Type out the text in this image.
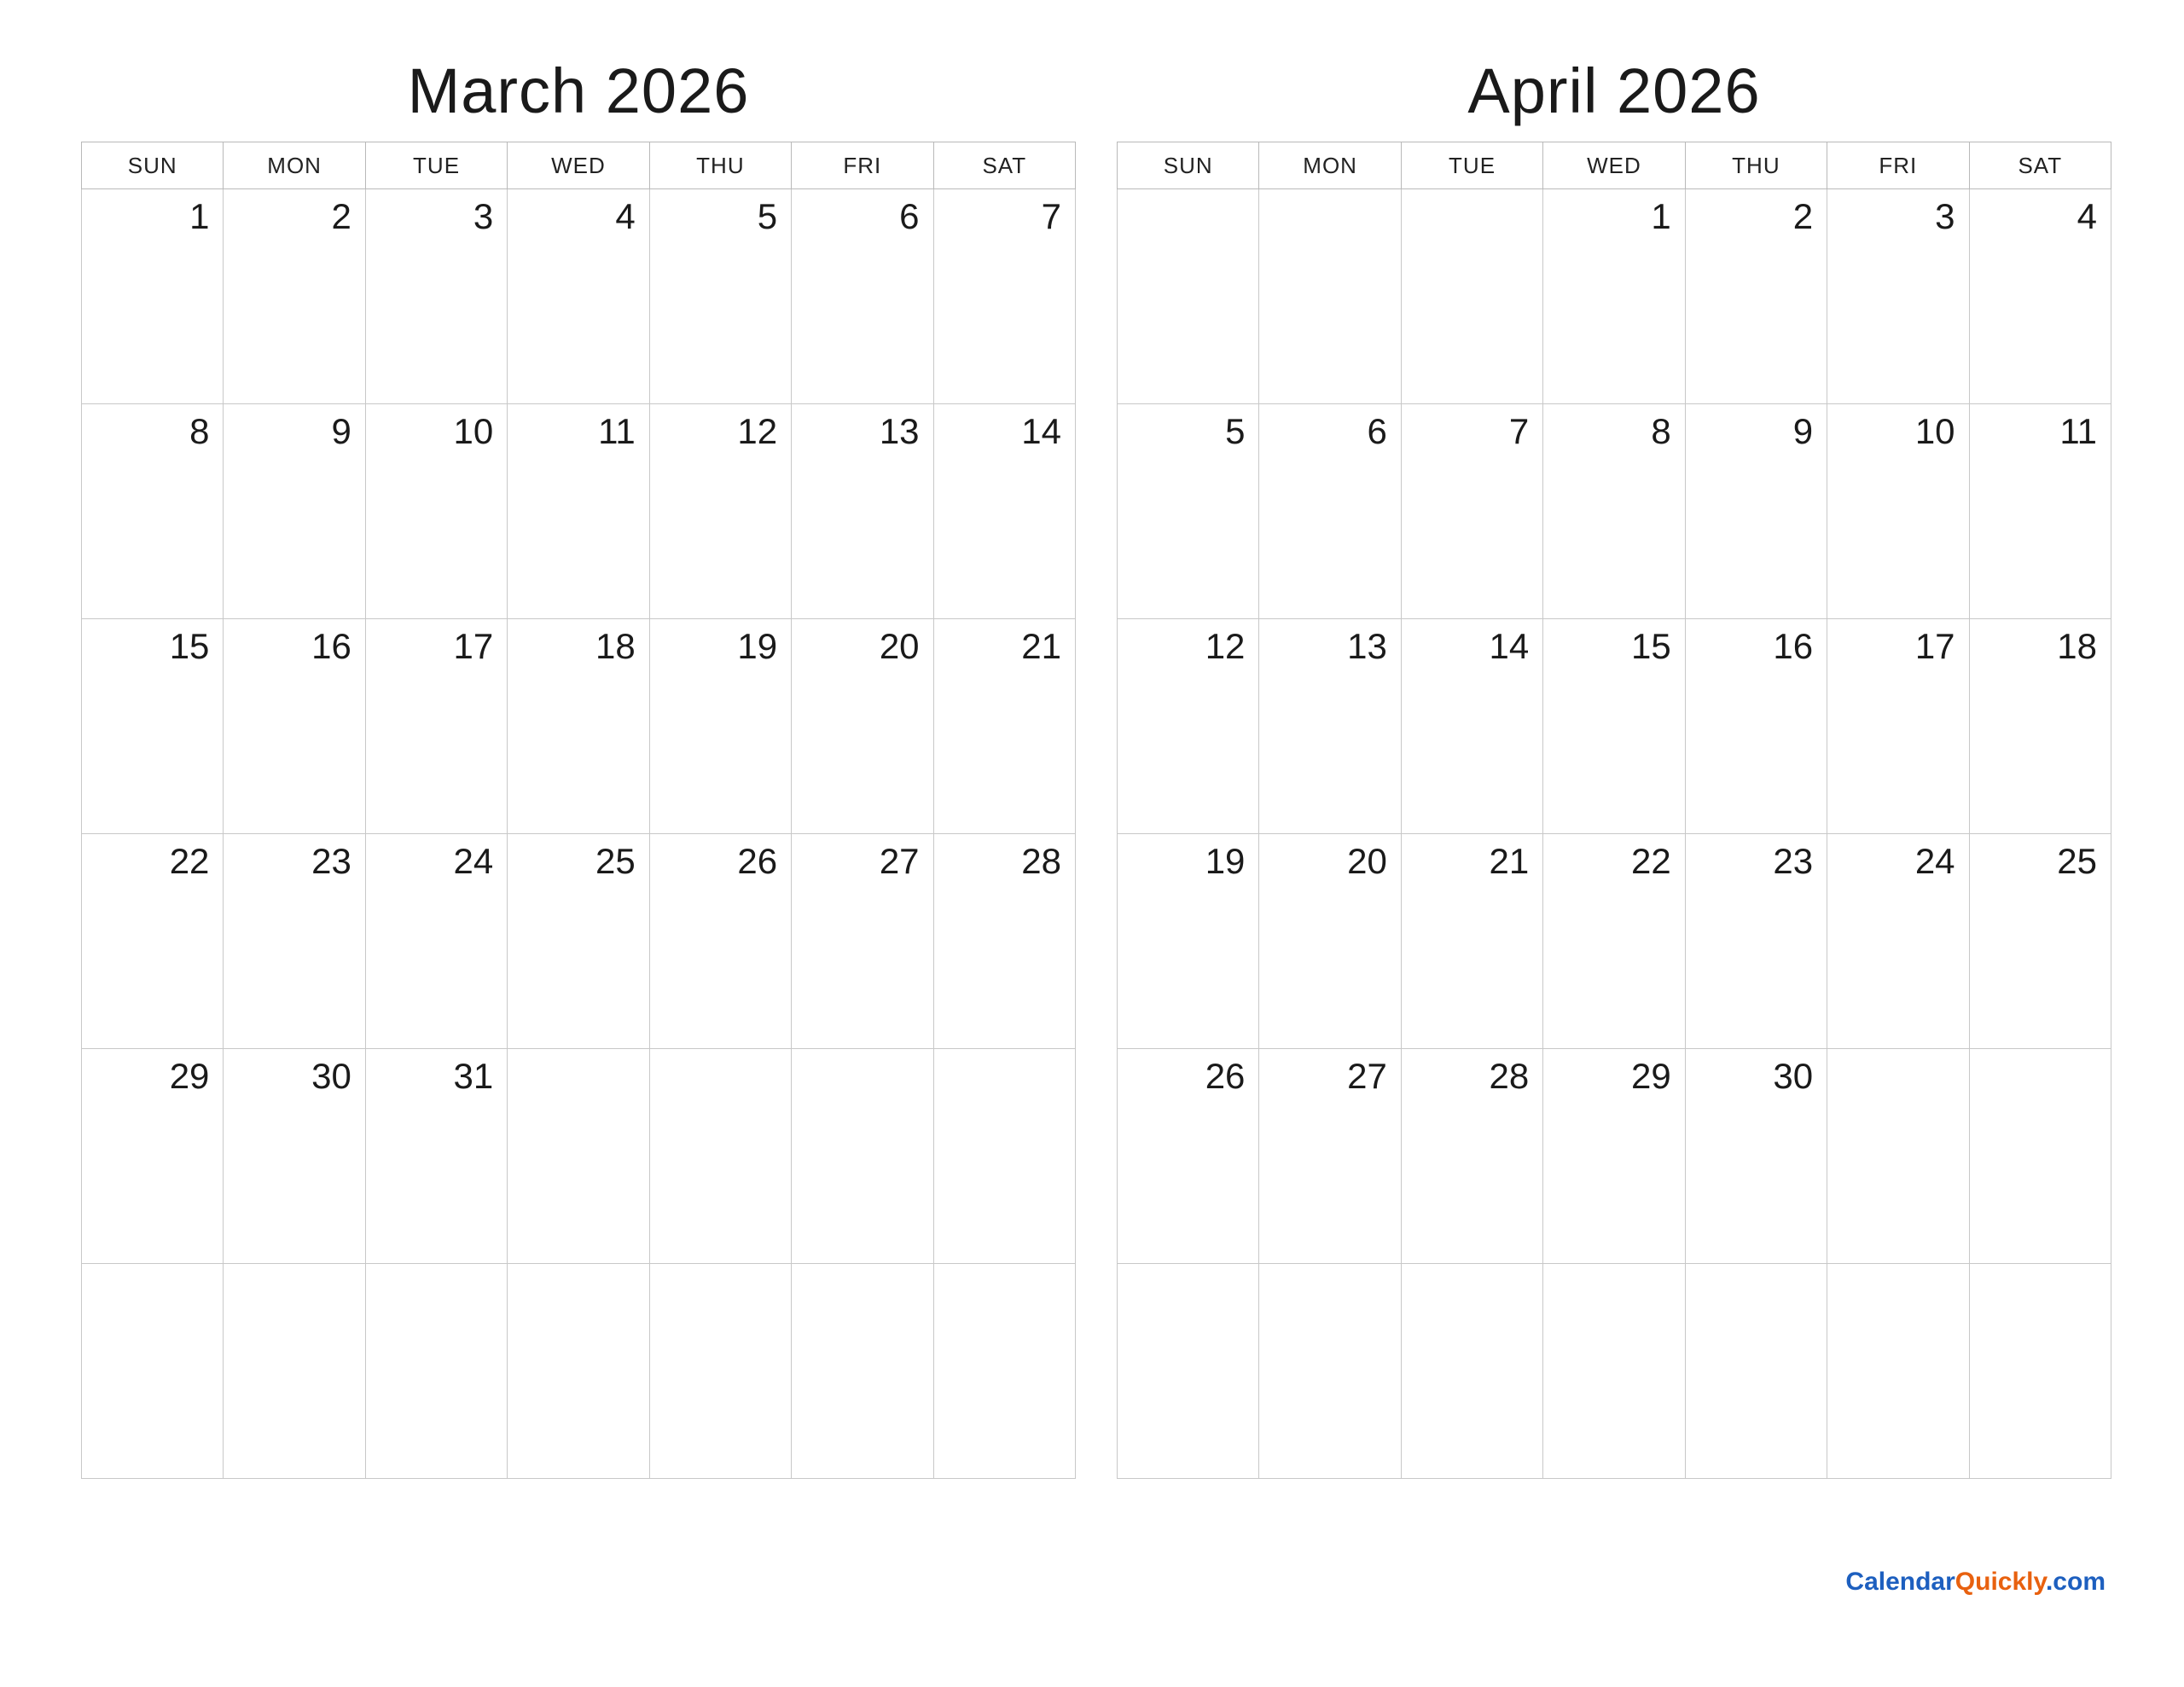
March 2026
SUN	MON	TUE	WED	THU	FRI	SAT
1	2	3	4	5	6	7
8	9	10	11	12	13	14
15	16	17	18	19	20	21
22	23	24	25	26	27	28
29	30	31				

April 2026
SUN	MON	TUE	WED	THU	FRI	SAT
			1	2	3	4
5	6	7	8	9	10	11
12	13	14	15	16	17	18
19	20	21	22	23	24	25
26	27	28	29	30		

CalendarQuickly.com
